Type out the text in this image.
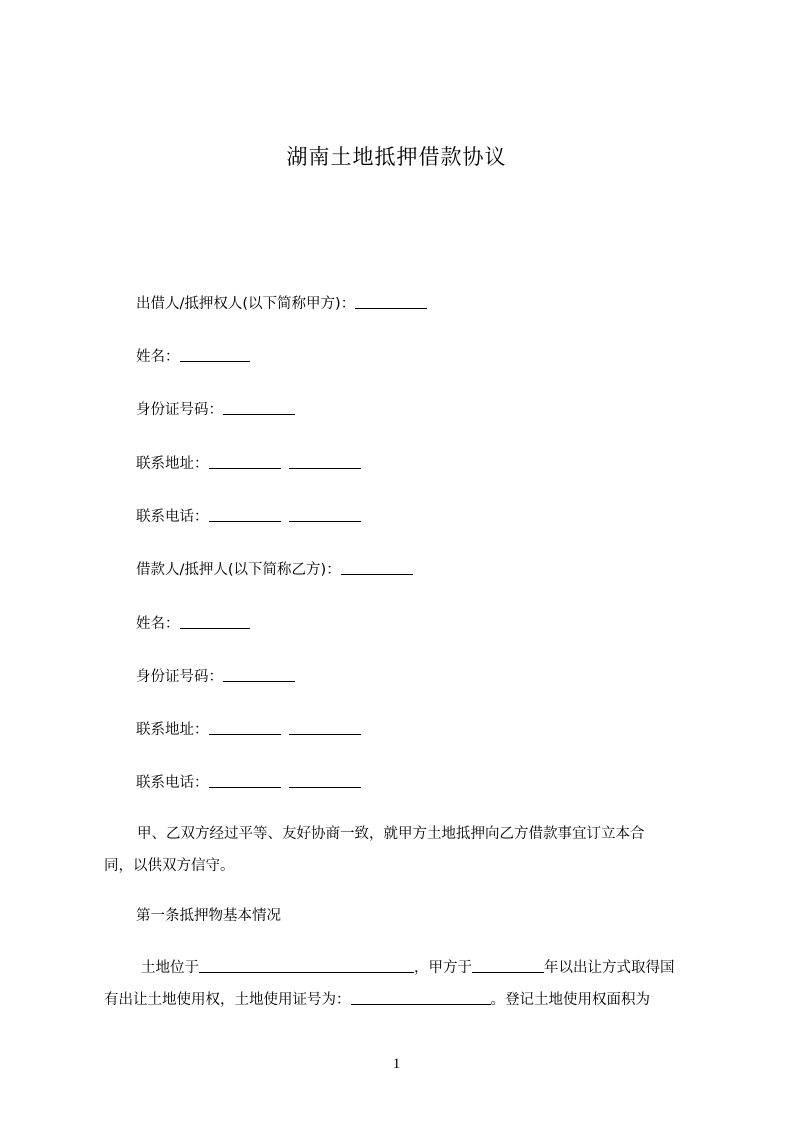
湖南土地抵押借款协议
出借人/抵押权人(以下简称甲方)：
姓名：
身份证号码：
联系地址：
联系电话：
借款人/抵押人(以下简称乙方)：
姓名：
身份证号码：
联系地址：
联系电话：
甲、乙双方经过平等、友好协商一致，就甲方土地抵押向乙方借款事宜订立本合
同，以供双方信守。
第一条抵押物基本情况
土地位于	，甲方于	年以出让方式取得国
有出让土地使用权，土地使用证号为：	。登记土地使用权面积为
1
